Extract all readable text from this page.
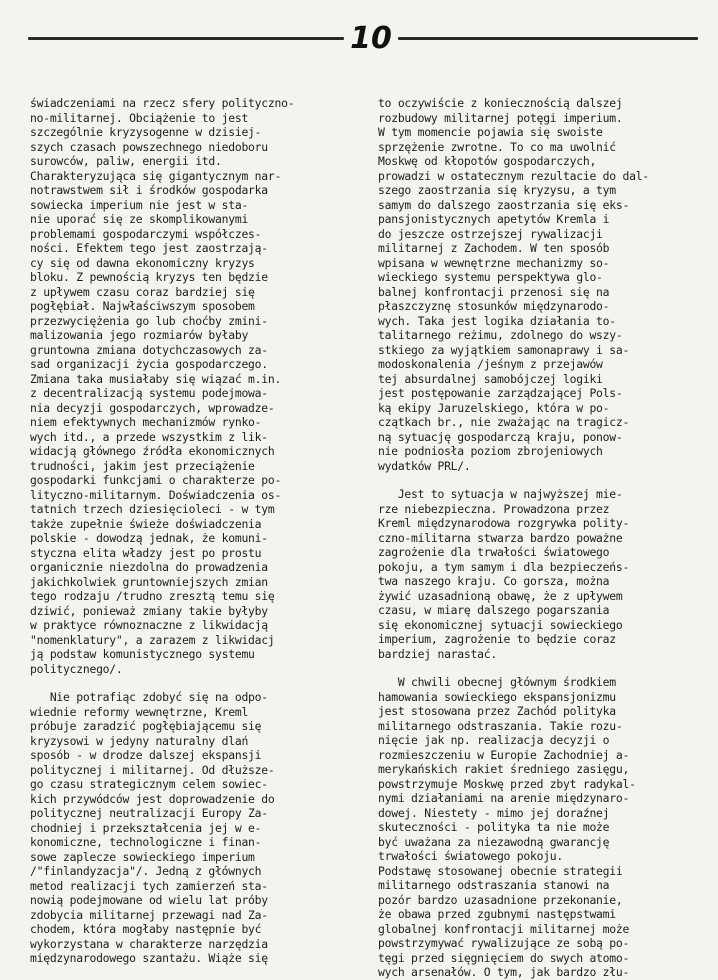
10

świadczeniami na rzecz sfery polityczno-
no-militarnej. Obciążenie to jest
szczególnie kryzysogenne w dzisiej-
szych czasach powszechnego niedoboru
surowców, paliw, energii itd.
Charakteryzująca się gigantycznym nar-
notrawstwem sił i środków gospodarka
sowiecka imperium nie jest w sta-
nie uporać się ze skomplikowanymi
problemami gospodarczymi współczes-
ności. Efektem tego jest zaostrzają-
cy się od dawna ekonomiczny kryzys
bloku. Z pewnością kryzys ten będzie
z upływem czasu coraz bardziej się
pogłębiał. Najwłaściwszym sposobem
przezwyciężenia go lub choćby zmini-
malizowania jego rozmiarów byłaby
gruntowna zmiana dotychczasowych za-
sad organizacji życia gospodarczego.
Zmiana taka musiałaby się wiązać m.in.
z decentralizacją systemu podejmowa-
nia decyzji gospodarczych, wprowadze-
niem efektywnych mechanizmów rynko-
wych itd., a przede wszystkim z lik-
widacją głównego źródła ekonomicznych
trudności, jakim jest przeciążenie
gospodarki funkcjami o charakterze po-
lityczno-militarnym. Doświadczenia os-
tatnich trzech dziesięcioleci - w tym
także zupełnie świeże doświadczenia
polskie - dowodzą jednak, że komuni-
styczna elita władzy jest po prostu
organicznie niezdolna do prowadzenia
jakichkolwiek gruntowniejszych zmian
tego rodzaju /trudno zresztą temu się
dziwić, ponieważ zmiany takie byłyby
w praktyce równoznaczne z likwidacją
"nomenklatury", a zarazem z likwidacj
ją podstaw komunistycznego systemu
politycznego/.

Nie potrafiąc zdobyć się na odpo-
wiednie reformy wewnętrzne, Kreml
próbuje zaradzić pogłębiającemu się
kryzysowi w jedyny naturalny dlań
sposób - w drodze dalszej ekspansji
politycznej i militarnej. Od dłuższe-
go czasu strategicznym celem sowiec-
kich przywódców jest doprowadzenie do
politycznej neutralizacji Europy Za-
chodniej i przekształcenia jej w e-
konomiczne, technologiczne i finan-
sowe zaplecze sowieckiego imperium
/"finlandyzacja"/. Jedną z głównych
metod realizacji tych zamierzeń sta-
nowią podejmowane od wielu lat próby
zdobycia militarnej przewagi nad Za-
chodem, która mogłaby następnie być
wykorzystana w charakterze narzędzia
międzynarodowego szantażu. Wiąże się

to oczywiście z koniecznością dalszej
rozbudowy militarnej potęgi imperium.
W tym momencie pojawia się swoiste
sprzężenie zwrotne. To co ma uwolnić
Moskwę od kłopotów gospodarczych,
prowadzi w ostatecznym rezultacie do dal-
szego zaostrzania się kryzysu, a tym
samym do dalszego zaostrzania się eks-
pansjonistycznych apetytów Kremla i
do jeszcze ostrzejszej rywalizacji
militarnej z Zachodem. W ten sposób
wpisana w wewnętrzne mechanizmy so-
wieckiego systemu perspektywa glo-
balnej konfrontacji przenosi się na
płaszczyznę stosunków międzynarodo-
wych. Taka jest logika działania to-
talitarnego reżimu, zdolnego do wszy-
stkiego za wyjątkiem samonaprawy i sa-
modoskonalenia /jeśnym z przejawów
tej absurdalnej samobójczej logiki
jest postępowanie zarządzającej Pols-
ką ekipy Jaruzelskiego, która w po-
czątkach br., nie zważając na tragicz-
ną sytuację gospodarczą kraju, ponow-
nie podniosła poziom zbrojeniowych
wydatków PRL/.

Jest to sytuacja w najwyższej mie-
rze niebezpieczna. Prowadzona przez
Kreml międzynarodowa rozgrywka polity-
czno-militarna stwarza bardzo poważne
zagrożenie dla trwałości światowego
pokoju, a tym samym i dla bezpieczeńs-
twa naszego kraju. Co gorsza, można
żywić uzasadnioną obawę, że z upływem
czasu, w miarę dalszego pogarszania
się ekonomicznej sytuacji sowieckiego
imperium, zagrożenie to będzie coraz
bardziej narastać.

W chwili obecnej głównym środkiem
hamowania sowieckiego ekspansjonizmu
jest stosowana przez Zachód polityka
militarnego odstraszania. Takie rozu-
nięcie jak np. realizacja decyzji o
rozmieszczeniu w Europie Zachodniej a-
merykańskich rakiet średniego zasięgu,
powstrzymuje Moskwę przed zbyt radykal-
nymi działaniami na arenie międzynaro-
dowej. Niestety - mimo jej doraźnej
skuteczności - polityka ta nie może
być uważana za niezawodną gwarancję
trwałości światowego pokoju.
Podstawę stosowanej obecnie strategii
militarnego odstraszania stanowi na
pozór bardzo uzasadnione przekonanie,
że obawa przed zgubnymi następstwami
globalnej konfrontacji militarnej może
powstrzymywać rywalizujące ze sobą po-
tęgi przed sięgnięciem do swych atomo-
wych arsenałów. O tym, jak bardzo złu-
